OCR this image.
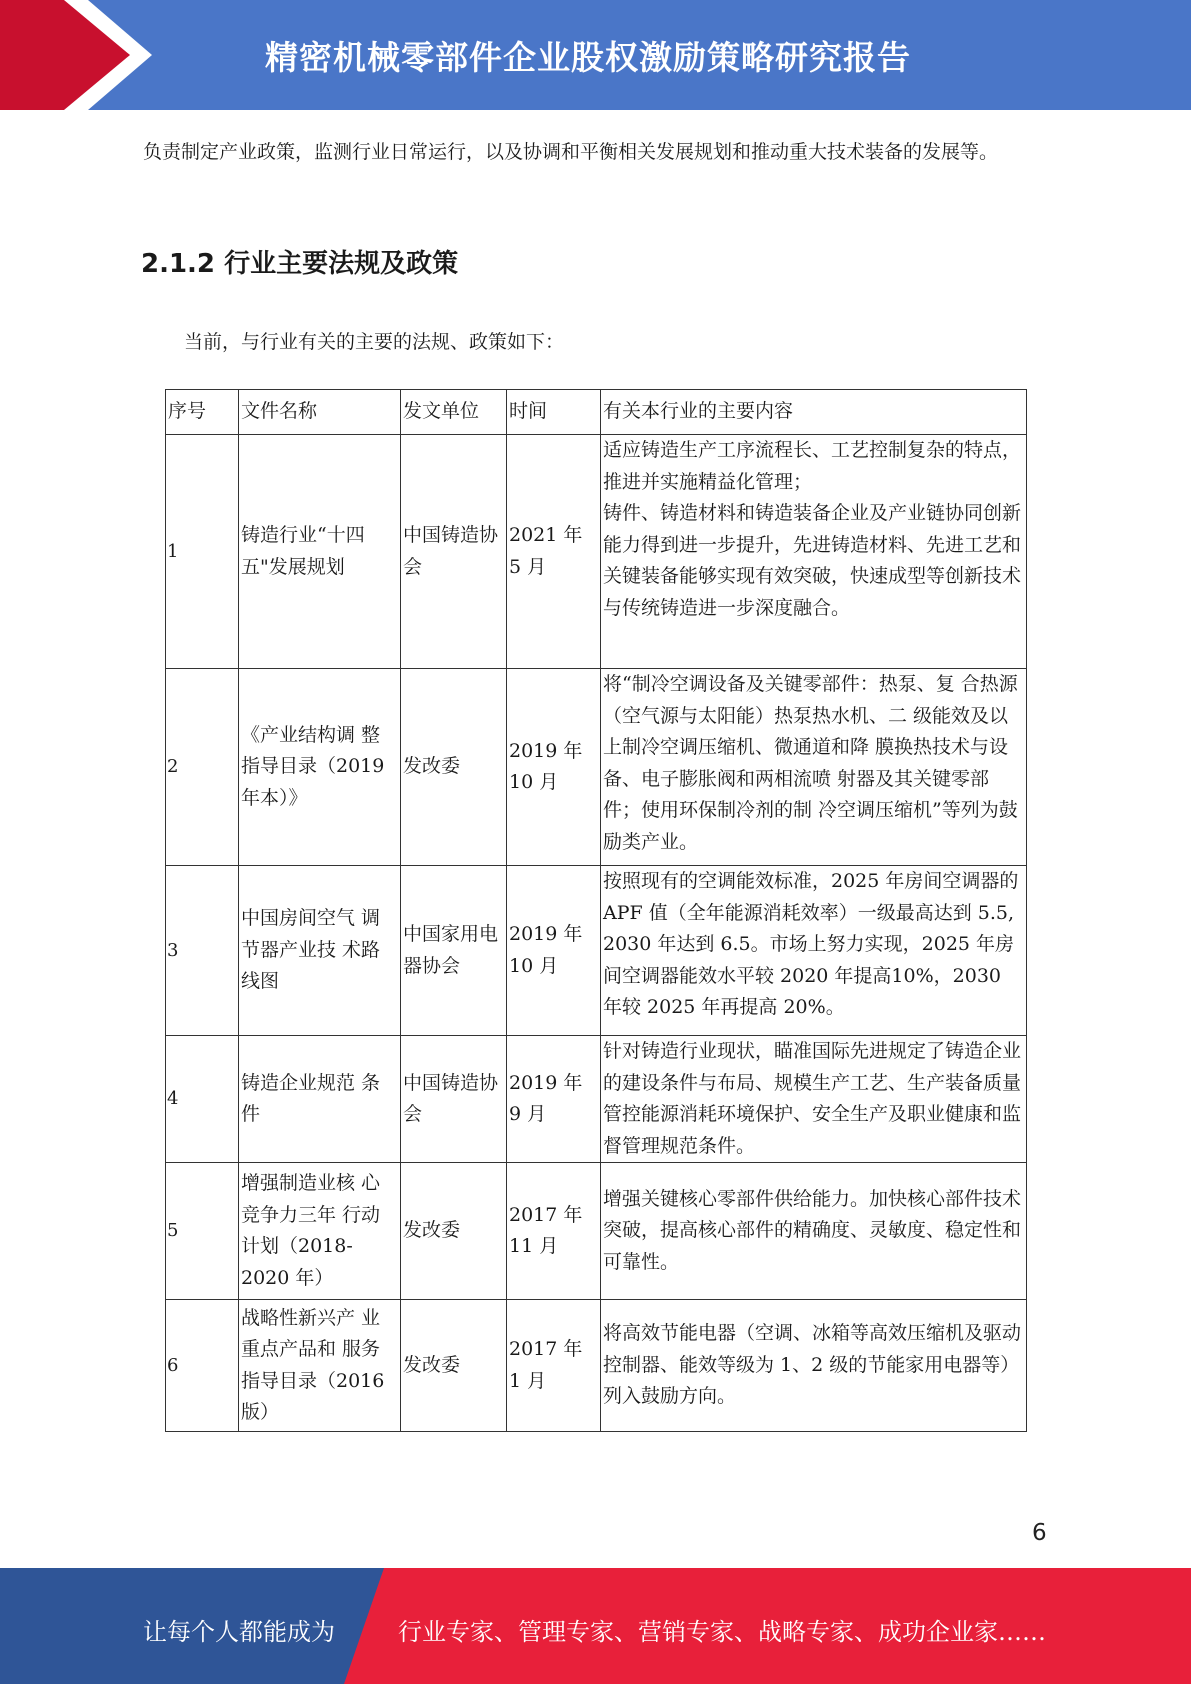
精密机械零部件企业股权激励策略研究报告
负责制定产业政策，监测行业日常运行，以及协调和平衡相关发展规划和推动重大技术装备的发展等。
2.1.2 行业主要法规及政策
当前，与行业有关的主要的法规、政策如下：
序号	文件名称	发文单位	时间	有关本行业的主要内容
1	铸造行业“十四五"发展规划	中国铸造协会	2021 年 5 月	适应铸造生产工序流程长、工艺控制复杂的特点，推进并实施精益化管理；
铸件、铸造材料和铸造装备企业及产业链协同创新能力得到进一步提升，先进铸造材料、先进工艺和关键装备能够实现有效突破，快速成型等创新技术与传统铸造进一步深度融合。
2	《产业结构调 整指导目录（2019 年本）》	发改委	2019 年 10 月	将“制冷空调设备及关键零部件：热泵、复 合热源（空气源与太阳能）热泵热水机、二 级能效及以上制冷空调压缩机、微通道和降 膜换热技术与设备、电子膨胀阀和两相流喷 射器及其关键零部件；使用环保制冷剂的制 冷空调压缩机”等列为鼓励类产业。
3	中国房间空气 调节器产业技 术路线图	中国家用电器协会	2019 年 10 月	按照现有的空调能效标准，2025 年房间空调器的 APF 值（全年能源消耗效率）一级最高达到 5.5, 2030 年达到 6.5。市场上努力实现，2025 年房间空调器能效水平较 2020 年提高10%，2030 年较 2025 年再提高 20%。
4	铸造企业规范 条件	中国铸造协会	2019 年 9 月	针对铸造行业现状，瞄准国际先进规定了铸造企业的建设条件与布局、规模生产工艺、生产装备质量管控能源消耗环境保护、安全生产及职业健康和监督管理规范条件。
5	增强制造业核 心竞争力三年 行动计划（2018-2020 年）	发改委	2017 年 11 月	增强关键核心零部件供给能力。加快核心部件技术突破，提高核心部件的精确度、灵敏度、稳定性和可靠性。
6	战略性新兴产 业重点产品和 服务指导目录（2016 版）	发改委	2017 年 1 月	将高效节能电器（空调、冰箱等高效压缩机及驱动控制器、能效等级为 1、2 级的节能家用电器等）列入鼓励方向。
6
让每个人都能成为	行业专家、管理专家、营销专家、战略专家、成功企业家……
